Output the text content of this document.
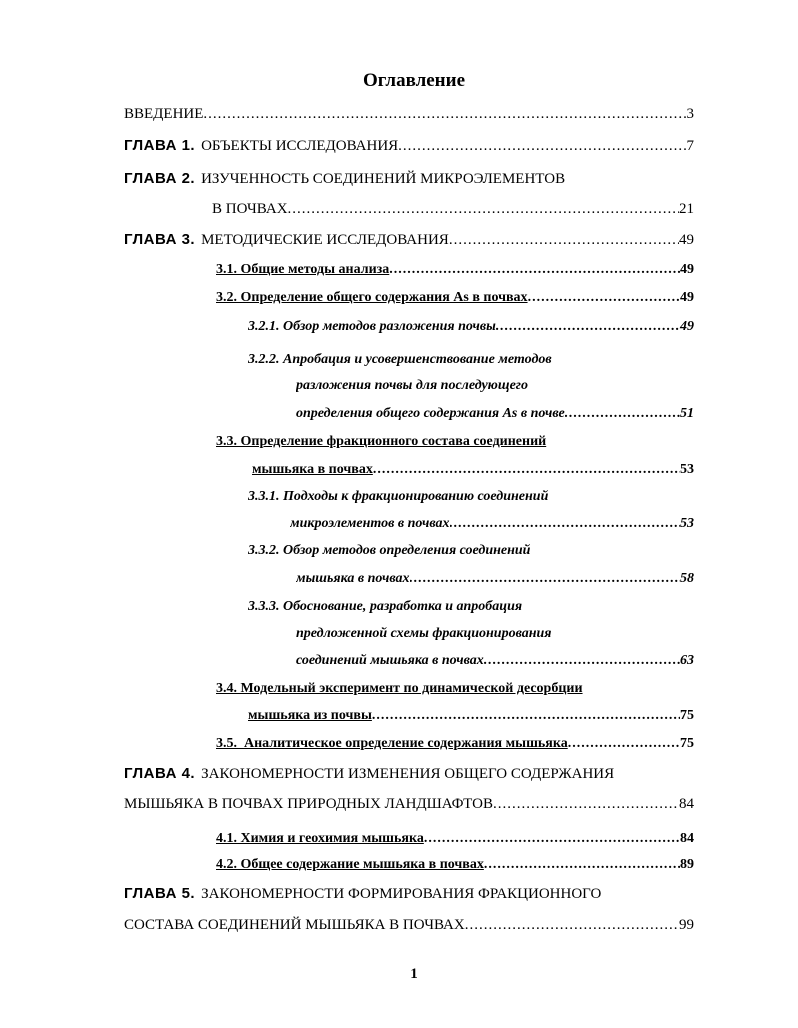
Оглавление
ВВЕДЕНИЕ .....	3
ГЛАВА 1. ОБЪЕКТЫ ИССЛЕДОВАНИЯ .....	7
ГЛАВА 2. ИЗУЧЕННОСТЬ СОЕДИНЕНИЙ МИКРОЭЛЕМЕНТОВ
В ПОЧВАХ .....	21
ГЛАВА 3. МЕТОДИЧЕСКИЕ ИССЛЕДОВАНИЯ .....	49
3.1. Общие методы анализа .....	49
3.2. Определение общего содержания As в почвах .....	49
3.2.1. Обзор методов разложения почвы .....	49
3.2.2. Апробация и усовершенствование методов
разложения почвы для последующего
определения общего содержания As в почве .....	51
3.3. Определение фракционного состава соединений
мышьяка в почвах .....	53
3.3.1. Подходы к фракционированию соединений
микроэлементов в почвах .....	53
3.3.2. Обзор методов определения соединений
мышьяка в почвах .....	58
3.3.3. Обоснование, разработка и апробация
предложенной схемы фракционирования
соединений мышьяка в почвах .....	63
3.4. Модельный эксперимент по динамической десорбции
мышьяка из почвы .....	75
3.5.  Аналитическое определение содержания мышьяка .....	75
ГЛАВА 4. ЗАКОНОМЕРНОСТИ ИЗМЕНЕНИЯ ОБЩЕГО СОДЕРЖАНИЯ
МЫШЬЯКА В ПОЧВАХ ПРИРОДНЫХ ЛАНДШАФТОВ .....	84
4.1. Химия и геохимия мышьяка .....	84
4.2. Общее содержание мышьяка в почвах .....	89
ГЛАВА 5. ЗАКОНОМЕРНОСТИ ФОРМИРОВАНИЯ ФРАКЦИОННОГО
СОСТАВА СОЕДИНЕНИЙ МЫШЬЯКА В ПОЧВАХ .....	99
1
